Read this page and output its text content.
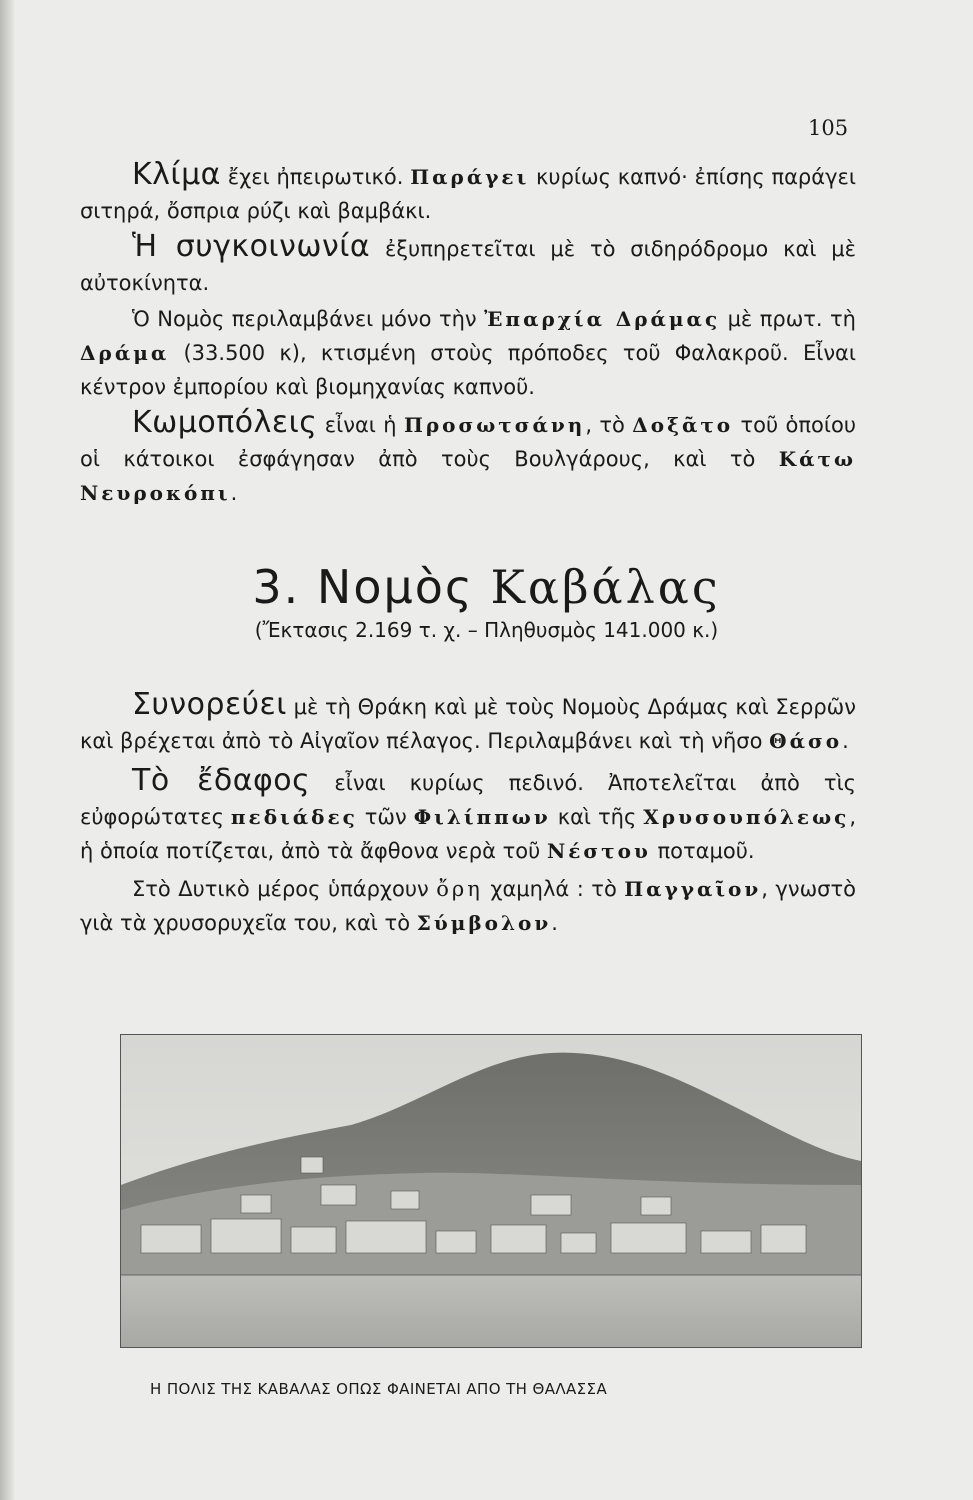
105

Κλίμα ἔχει ἠπειρωτικό. Παράγει κυρίως καπνό· ἐπίσης παράγει σιτηρά, ὄσπρια ρύζι καὶ βαμβάκι.

Ἡ συγκοινωνία ἐξυπηρετεῖται μὲ τὸ σιδηρόδρομο καὶ μὲ αὐτοκίνητα.

Ὁ Νομὸς περιλαμβάνει μόνο τὴν Ἐπαρχία Δράμας μὲ πρωτ. τὴ Δράμα (33.500 κ), κτισμένη στοὺς πρόποδες τοῦ Φαλακροῦ. Εἶναι κέντρον ἐμπορίου καὶ βιομηχανίας καπνοῦ.

Κωμοπόλεις εἶναι ἡ Προσωτσάνη, τὸ Δοξᾶτο τοῦ ὁποίου οἱ κάτοικοι ἐσφάγησαν ἀπὸ τοὺς Βουλγάρους, καὶ τὸ Κάτω Νευροκόπι.

3. Νομὸς Καβάλας
(Ἔκτασις 2.169 τ. χ. – Πληθυσμὸς 141.000 κ.)

Συνορεύει μὲ τὴ Θράκη καὶ μὲ τοὺς Νομοὺς Δράμας καὶ Σερρῶν καὶ βρέχεται ἀπὸ τὸ Αἰγαῖον πέλαγος. Περιλαμβάνει καὶ τὴ νῆσο Θάσο.

Τὸ ἔδαφος εἶναι κυρίως πεδινό. Ἀποτελεῖται ἀπὸ τὶς εὐφορώτατες πεδιάδες τῶν Φιλίππων καὶ τῆς Χρυσουπόλεως, ἡ ὁποία ποτίζεται, ἀπὸ τὰ ἄφθονα νερὰ τοῦ Νέστου ποταμοῦ.

Στὸ Δυτικὸ μέρος ὑπάρχουν ὄρη χαμηλά : τὸ Παγγαῖον, γνωστὸ γιὰ τὰ χρυσορυχεῖα του, καὶ τὸ Σύμβολον.

Η ΠΟΛΙΣ ΤΗΣ ΚΑΒΑΛΑΣ ΟΠΩΣ ΦΑΙΝΕΤΑΙ ΑΠΟ ΤΗ ΘΑΛΑΣΣΑ
